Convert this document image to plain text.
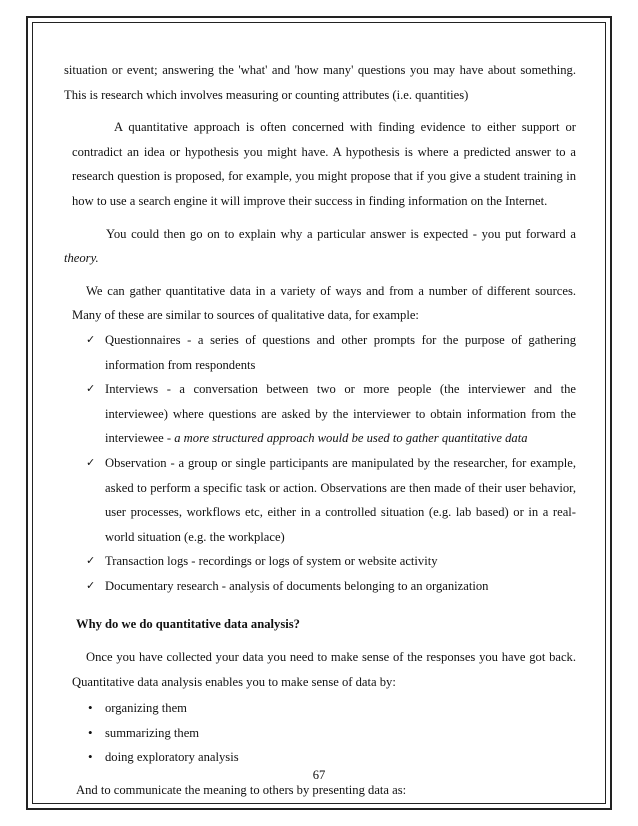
situation or event; answering the 'what' and 'how many' questions you may have about something. This is research which involves measuring or counting attributes (i.e. quantities)

A quantitative approach is often concerned with finding evidence to either support or contradict an idea or hypothesis you might have. A hypothesis is where a predicted answer to a research question is proposed, for example, you might propose that if you give a student training in how to use a search engine it will improve their success in finding information on the Internet.

You could then go on to explain why a particular answer is expected - you put forward a theory.

We can gather quantitative data in a variety of ways and from a number of different sources. Many of these are similar to sources of qualitative data, for example:

✓ Questionnaires - a series of questions and other prompts for the purpose of gathering information from respondents
✓ Interviews - a conversation between two or more people (the interviewer and the interviewee) where questions are asked by the interviewer to obtain information from the interviewee - a more structured approach would be used to gather quantitative data
✓ Observation - a group or single participants are manipulated by the researcher, for example, asked to perform a specific task or action. Observations are then made of their user behavior, user processes, workflows etc, either in a controlled situation (e.g. lab based) or in a real-world situation (e.g. the workplace)
✓ Transaction logs - recordings or logs of system or website activity
✓ Documentary research - analysis of documents belonging to an organization

Why do we do quantitative data analysis?

Once you have collected your data you need to make sense of the responses you have got back. Quantitative data analysis enables you to make sense of data by:

• organizing them
• summarizing them
• doing exploratory analysis

And to communicate the meaning to others by presenting data as:

67
